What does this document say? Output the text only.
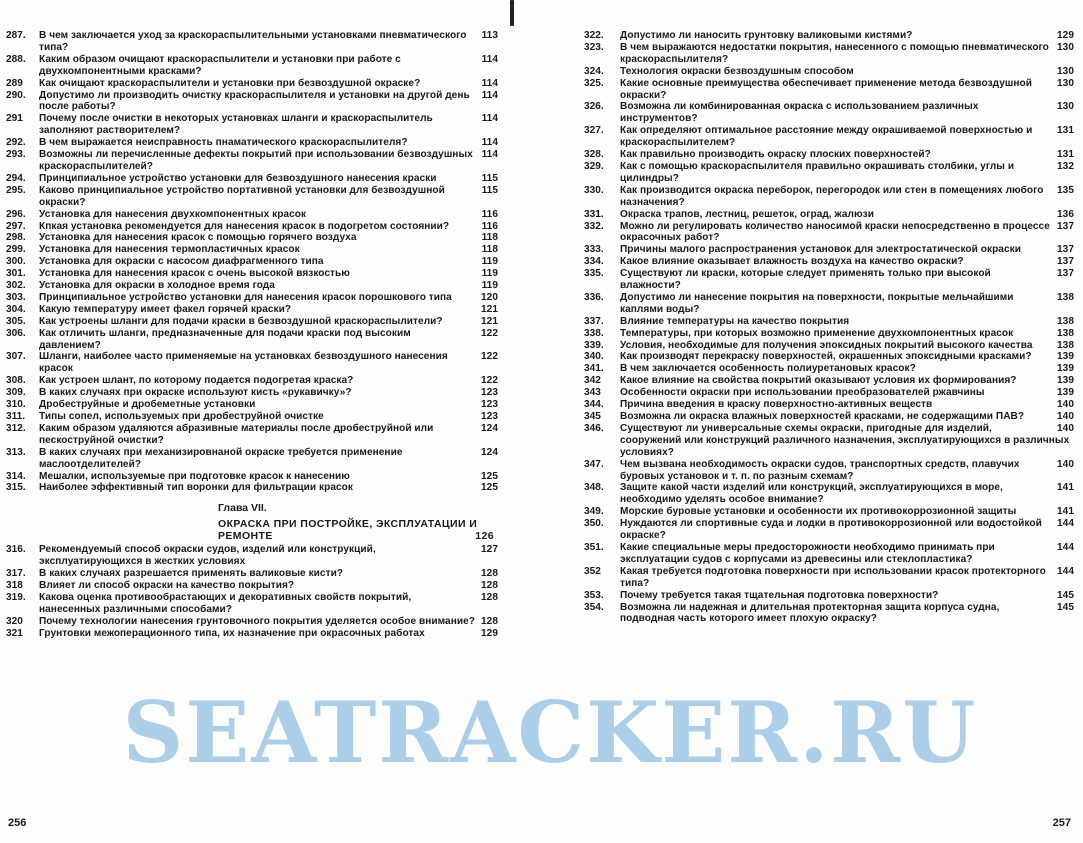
287.	113
В чем заключается уход за краскораспылительными установками пневматического типа?
288.	114
Каким образом очищают краскораспылители и установки при работе с двухкомпонентными красками?
289	114
Как очищают краскораспылители и установки при безвоздушной окраске?
290.	114
Допустимо ли производить очистку краскораспылителя и установки на другой день после работы?
291	114
Почему после очистки в некоторых установках шланги и краскораспылитель заполняют растворителем?
292.	114
В чем выражается неисправность пнаматического краскораспылителя?
293.	114
Возможны ли перечисленные дефекты покрытий при использовании безвоздушных краскораспылителей?
294.	115
Принципиальное устройство установки для безвоздушного нанесения краски
295.	115
Каково принципиальное устройство портативной установки для безвоздушной окраски?
296.	116
Установка для нанесения двухкомпонентных красок
297.	116
Кпкая установка рекомендуется для нанесения красок в подогретом состоянии?
298.	118
Установка для нанесения красок с помощью горячего воздуха
299.	118
Установка для нанесения термопластичных красок
300.	119
Установка для окраски с насосом диафрагменного типа
301.	119
Установка для нанесения красок с очень высокой вязкостью
302.	119
Установка для окраски в холодное время года
303.	120
Принципиальное устройство установки для нанесения красок порошкового типа
304.	121
Какую температуру имеет факел горячей краски?
305.	121
Как устроены шланги для подачи краски в безвоздушной краскораспылители?
306.	122
Как отличить шланги, предназначенные для подачи краски под высоким давлением?
307.	122
Шланги, наиболее часто применяемые на установках безвоздушного нанесения красок
308.	122
Как устроен шлант, по которому подается подогретая краска?
309.	123
В каких случаях при окраске используют кисть «рукавичку»?
310.	123
Дробеструйные и дробеметные установки
311.	123
Типы сопел, используемых при дробеструйной очистке
312.	124
Каким образом удаляются абразивные материалы после дробеструйной или пескоструйной очистки?
313.	124
В каких случаях при механизировнаной окраске требуется применение маслоотделителей?
314.	125
Мешалки, используемые при подготовке красок к нанесению
315.	125
Наиболее эффективный тип воронки для фильтрации красок
Глава VII.
ОКРАСКА ПРИ ПОСТРОЙКЕ, ЭКСПЛУАТАЦИИ И РЕМОНТЕ	126
316.	127
Рекомендуемый способ окраски судов, изделий или конструкций, эксплуатирующихся в жестких условиях
317.	128
В каких случаях разрешается применять валиковые кисти?
318	128
Влияет ли способ окраски на качество покрытия?
319.	128
Какова оценка противообрастающих и декоративных свойств покрытий, нанесенных различными способами?
320	128
Почему технологии нанесения грунтовочного покрытия уделяется особое внимание?
321	129
Грунтовки межоперационного типа, их назначение при окрасочных работах
322.	129
Допустимо ли наносить грунтовку валиковыми кистями?
323.	130
В чем выражаются недостатки покрытия, нанесенного с помощью пневматического краскораспылителя?
324.	130
Технология окраски безвоздушным способом
325.	130
Какие основные преимущества обеспечивает применение метода безвоздушной окраски?
326.	130
Возможна ли комбинированная окраска с использованием различных инструментов?
327.	131
Как определяют оптимальное расстояние между окрашиваемой поверхностью и краскораспылителем?
328.	131
Как правильно производить окраску плоских поверхностей?
329.	132
Как с помощью краскораспылителя правильно окрашивать столбики, углы и цилиндры?
330.	135
Как производится окраска переборок, перегородок или стен в помещениях любого назначения?
331.	136
Окраска трапов, лестниц, решеток, оград, жалюзи
332.	137
Можно ли регулировать количество наносимой краски непосредственно в процессе окрасочных работ?
333.	137
Причины малого распространения установок для электростатической окраски
334.	137
Какое влияние оказывает влажность воздуха на качество окраски?
335.	137
Существуют ли краски, которые следует применять только при высокой влажности?
336.	138
Допустимо ли нанесение покрытия на поверхности, покрытые мельчайшими каплями воды?
337.	138
Влияние температуры на качество покрытия
338.	138
Температуры, при которых возможно применение двухкомпонентных красок
339.	138
Условия, необходимые для получения эпоксидных покрытий высокого качества
340.	139
Как производят перекраску поверхностей, окрашенных эпоксидными красками?
341.	139
В чем заключается особенность полиуретановых красок?
342	139
Какое влияние на свойства покрытий оказывают условия их формирования?
343	139
Особенности окраски при использовании преобразователей ржавчины
344.	140
Причина введения в краску поверхностно-активных веществ
345	140
Возможна ли окраска влажных поверхностей красками, не содержащими ПАВ?
346.	140
Существуют ли универсальные схемы окраски, пригодные для изделий, сооружений или конструкций различного назначения, эксплуатирующихся в различных условиях?
347.	140
Чем вызвана необходимость окраски судов, транспортных средств, плавучих буровых установок и т. п. по разным схемам?
348.	141
Защите какой части изделий или конструкций, эксплуатирующихся в море, необходимо уделять особое внимание?
349.	141
Морские буровые установки и особенности их противокоррозионной защиты
350.	144
Нуждаются ли спортивные суда и лодки в противокоррозионной или водостойкой окраске?
351.	144
Какие специальные меры предосторожности необходимо принимать при эксплуатации судов с корпусами из древесины или стеклопластика?
352	144
Какая требуется подготовка поверхности при использовании красок протекторного типа?
353.	145
Почему требуется такая тщательная подготовка поверхности?
354.	145
Возможна ли надежная и длительная протекторная защита корпуса судна, подводная часть которого имеет плохую окраску?
256	257
SEATRACKER.RU
